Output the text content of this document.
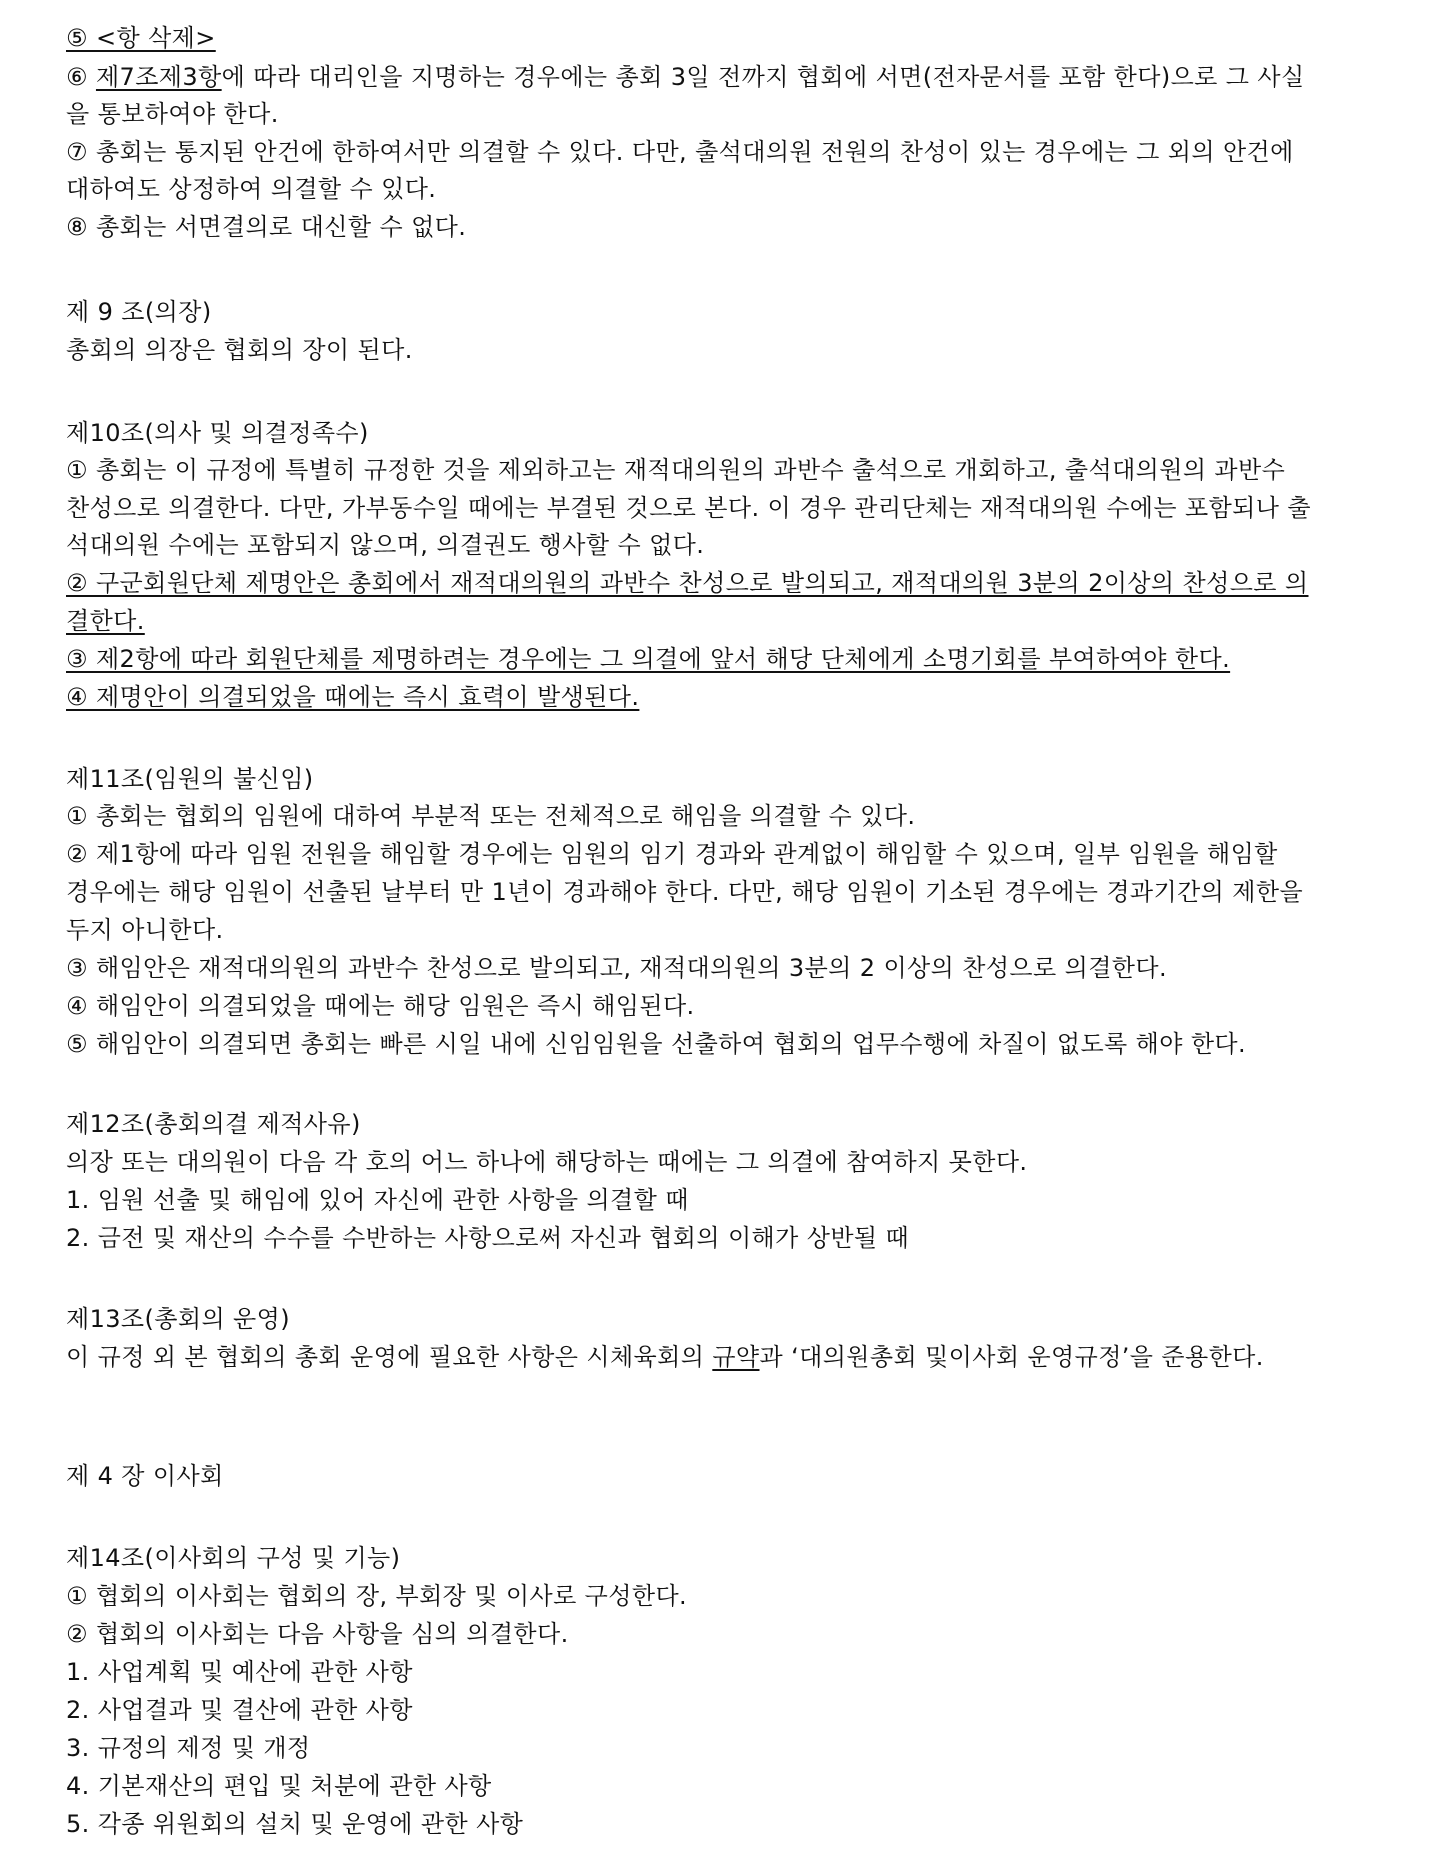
⑤ <항 삭제>
⑥ 제7조제3항에 따라 대리인을 지명하는 경우에는 총회 3일 전까지 협회에 서면(전자문서를 포함 한다)으로 그 사실
을 통보하여야 한다.
⑦ 총회는 통지된 안건에 한하여서만 의결할 수 있다. 다만, 출석대의원 전원의 찬성이 있는 경우에는 그 외의 안건에
대하여도 상정하여 의결할 수 있다.
⑧ 총회는 서면결의로 대신할 수 없다.
제 9 조(의장)
총회의 의장은 협회의 장이 된다.
제10조(의사 및 의결정족수)
① 총회는 이 규정에 특별히 규정한 것을 제외하고는 재적대의원의 과반수 출석으로 개회하고, 출석대의원의 과반수
찬성으로 의결한다. 다만, 가부동수일 때에는 부결된 것으로 본다. 이 경우 관리단체는 재적대의원 수에는 포함되나 출
석대의원 수에는 포함되지 않으며, 의결권도 행사할 수 없다.
② 구군회원단체 제명안은 총회에서 재적대의원의 과반수 찬성으로 발의되고, 재적대의원 3분의 2이상의 찬성으로 의
결한다.
③ 제2항에 따라 회원단체를 제명하려는 경우에는 그 의결에 앞서 해당 단체에게 소명기회를 부여하여야 한다.
④ 제명안이 의결되었을 때에는 즉시 효력이 발생된다.
제11조(임원의 불신임)
① 총회는 협회의 임원에 대하여 부분적 또는 전체적으로 해임을 의결할 수 있다.
② 제1항에 따라 임원 전원을 해임할 경우에는 임원의 임기 경과와 관계없이 해임할 수 있으며, 일부 임원을 해임할
경우에는 해당 임원이 선출된 날부터 만 1년이 경과해야 한다. 다만, 해당 임원이 기소된 경우에는 경과기간의 제한을
두지 아니한다.
③ 해임안은 재적대의원의 과반수 찬성으로 발의되고, 재적대의원의 3분의 2 이상의 찬성으로 의결한다.
④ 해임안이 의결되었을 때에는 해당 임원은 즉시 해임된다.
⑤ 해임안이 의결되면 총회는 빠른 시일 내에 신임임원을 선출하여 협회의 업무수행에 차질이 없도록 해야 한다.
제12조(총회의결 제적사유)
의장 또는 대의원이 다음 각 호의 어느 하나에 해당하는 때에는 그 의결에 참여하지 못한다.
1. 임원 선출 및 해임에 있어 자신에 관한 사항을 의결할 때
2. 금전 및 재산의 수수를 수반하는 사항으로써 자신과 협회의 이해가 상반될 때
제13조(총회의 운영)
이 규정 외 본 협회의 총회 운영에 필요한 사항은 시체육회의 규약과 ‘대의원총회 및이사회 운영규정’을 준용한다.
제 4 장 이사회
제14조(이사회의 구성 및 기능)
① 협회의 이사회는 협회의 장, 부회장 및 이사로 구성한다.
② 협회의 이사회는 다음 사항을 심의 의결한다.
1. 사업계획 및 예산에 관한 사항
2. 사업결과 및 결산에 관한 사항
3. 규정의 제정 및 개정
4. 기본재산의 편입 및 처분에 관한 사항
5. 각종 위원회의 설치 및 운영에 관한 사항
